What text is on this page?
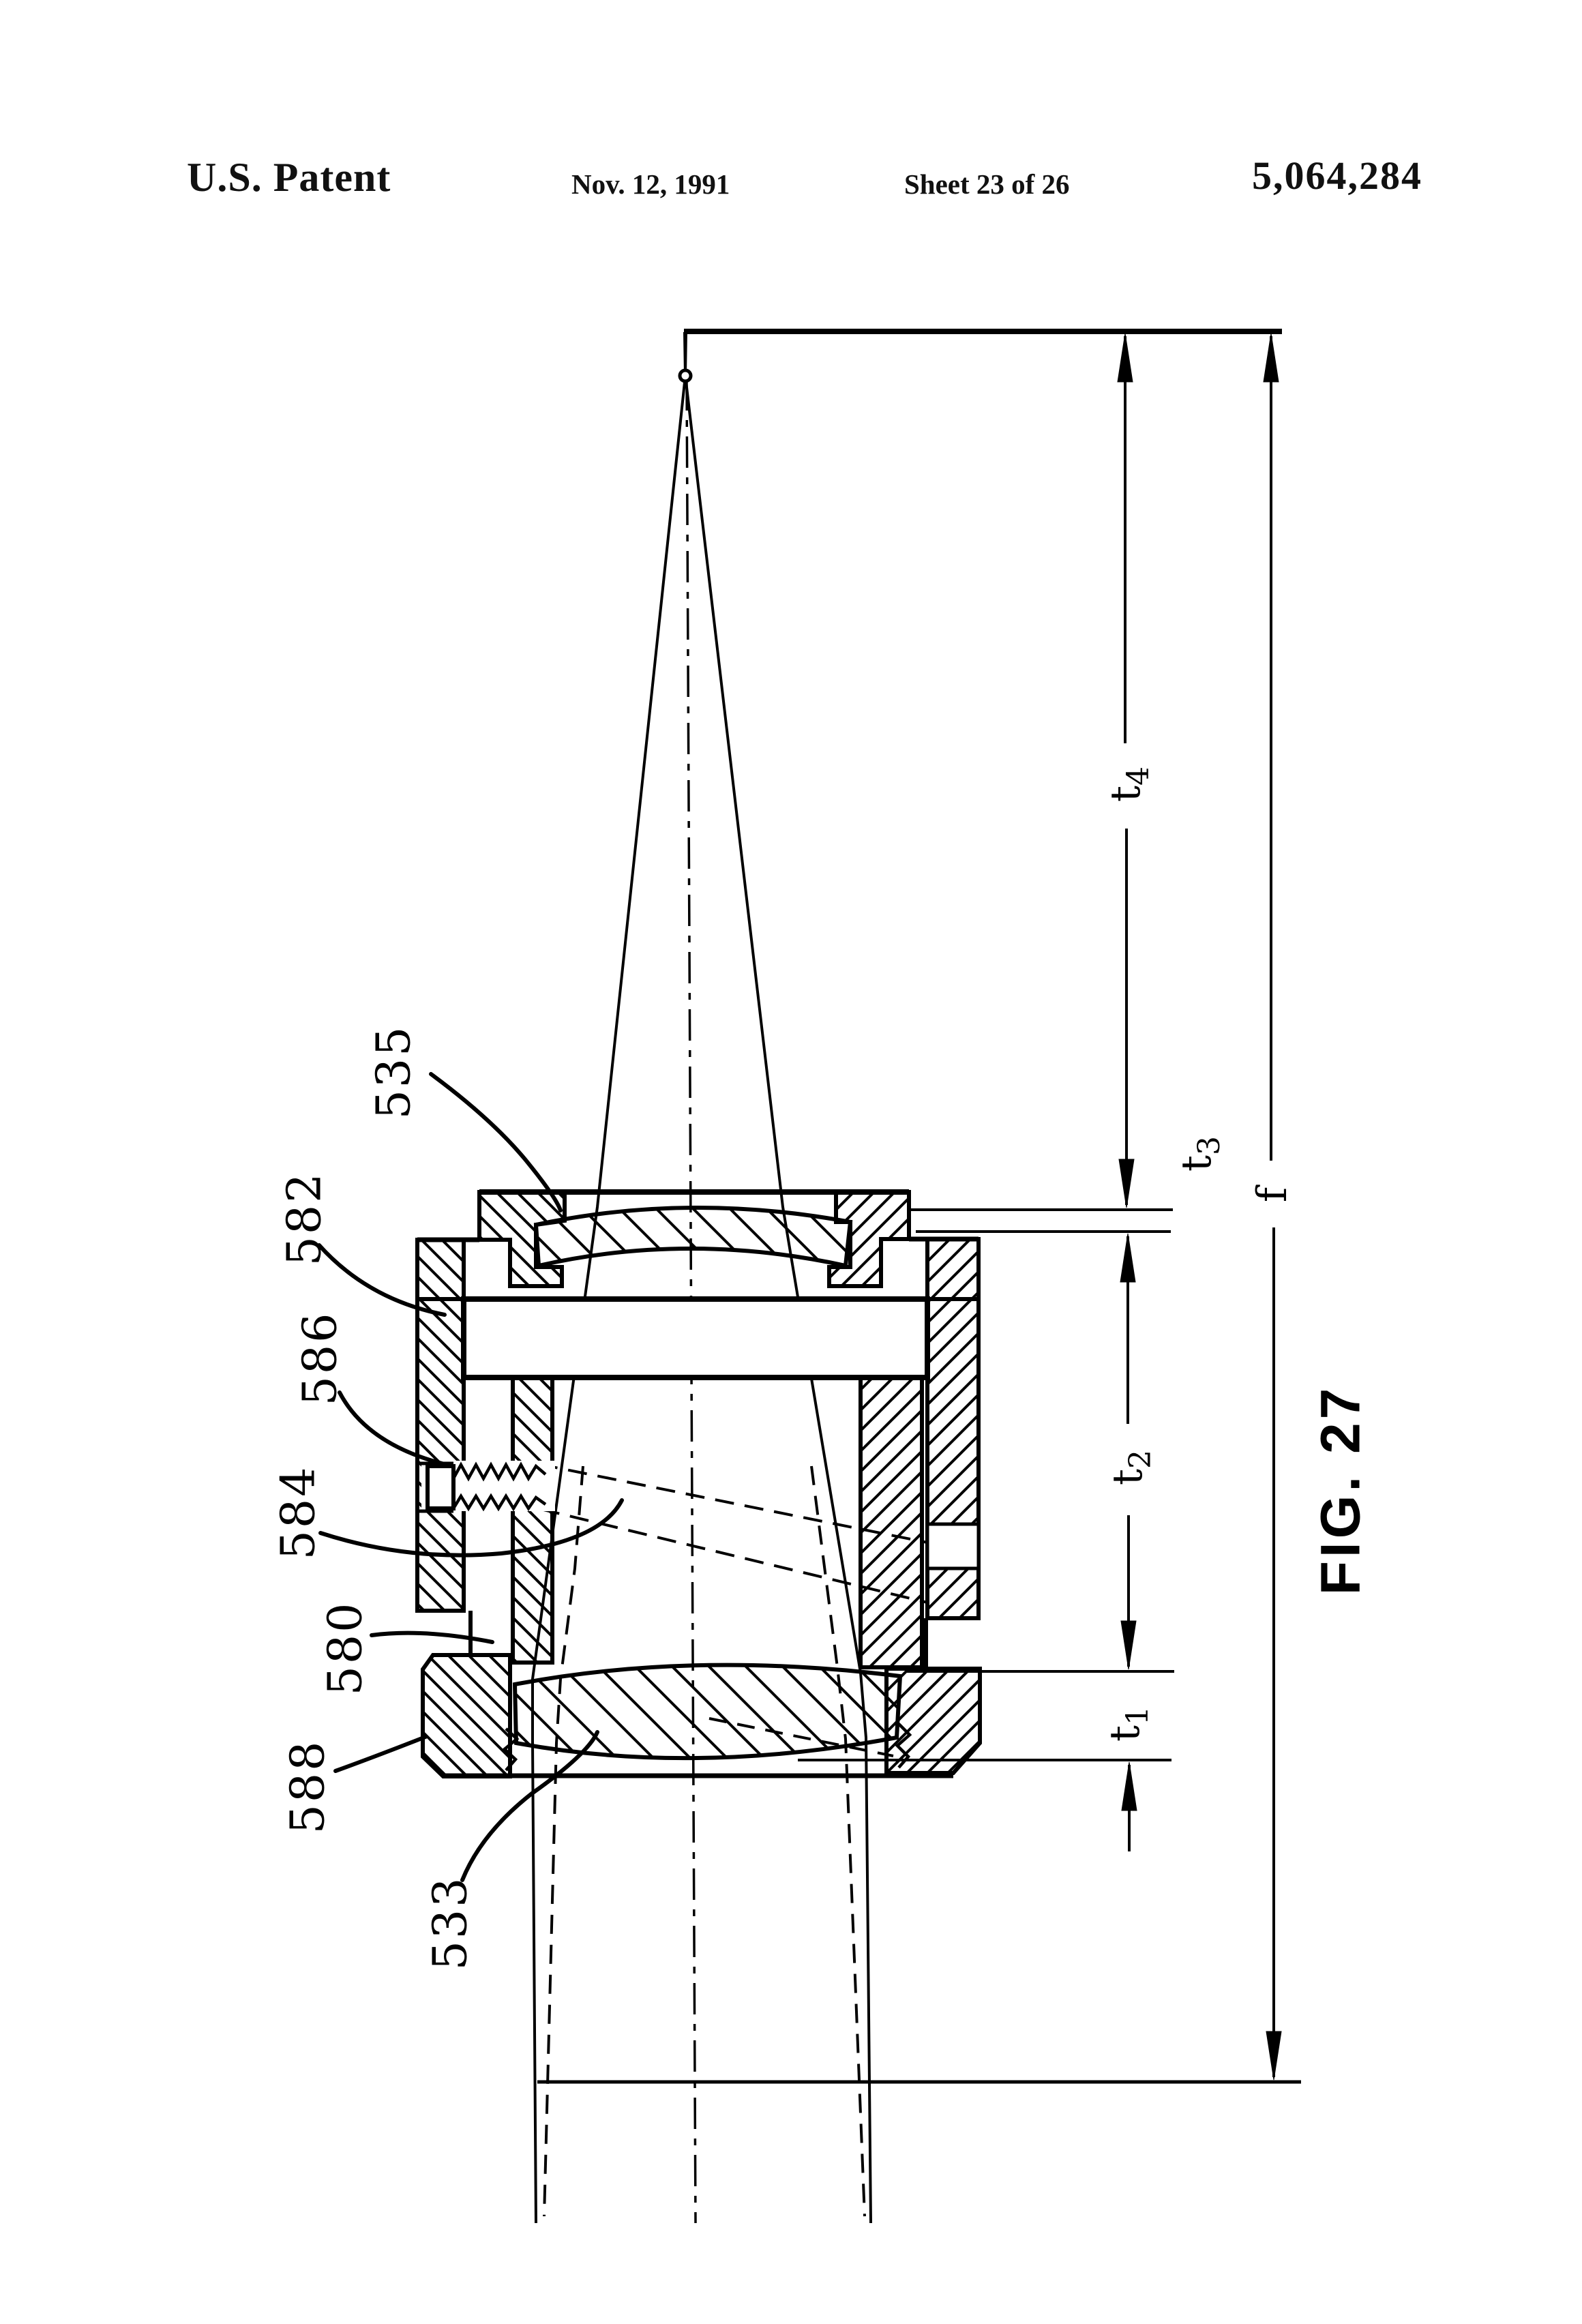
U.S. Patent	Nov. 12, 1991	Sheet 23 of 26	5,064,284
535
582
586
584
580
588
533
$t_4$
$t_3$
$t_2$
$t_1$
f
FIG. 27
